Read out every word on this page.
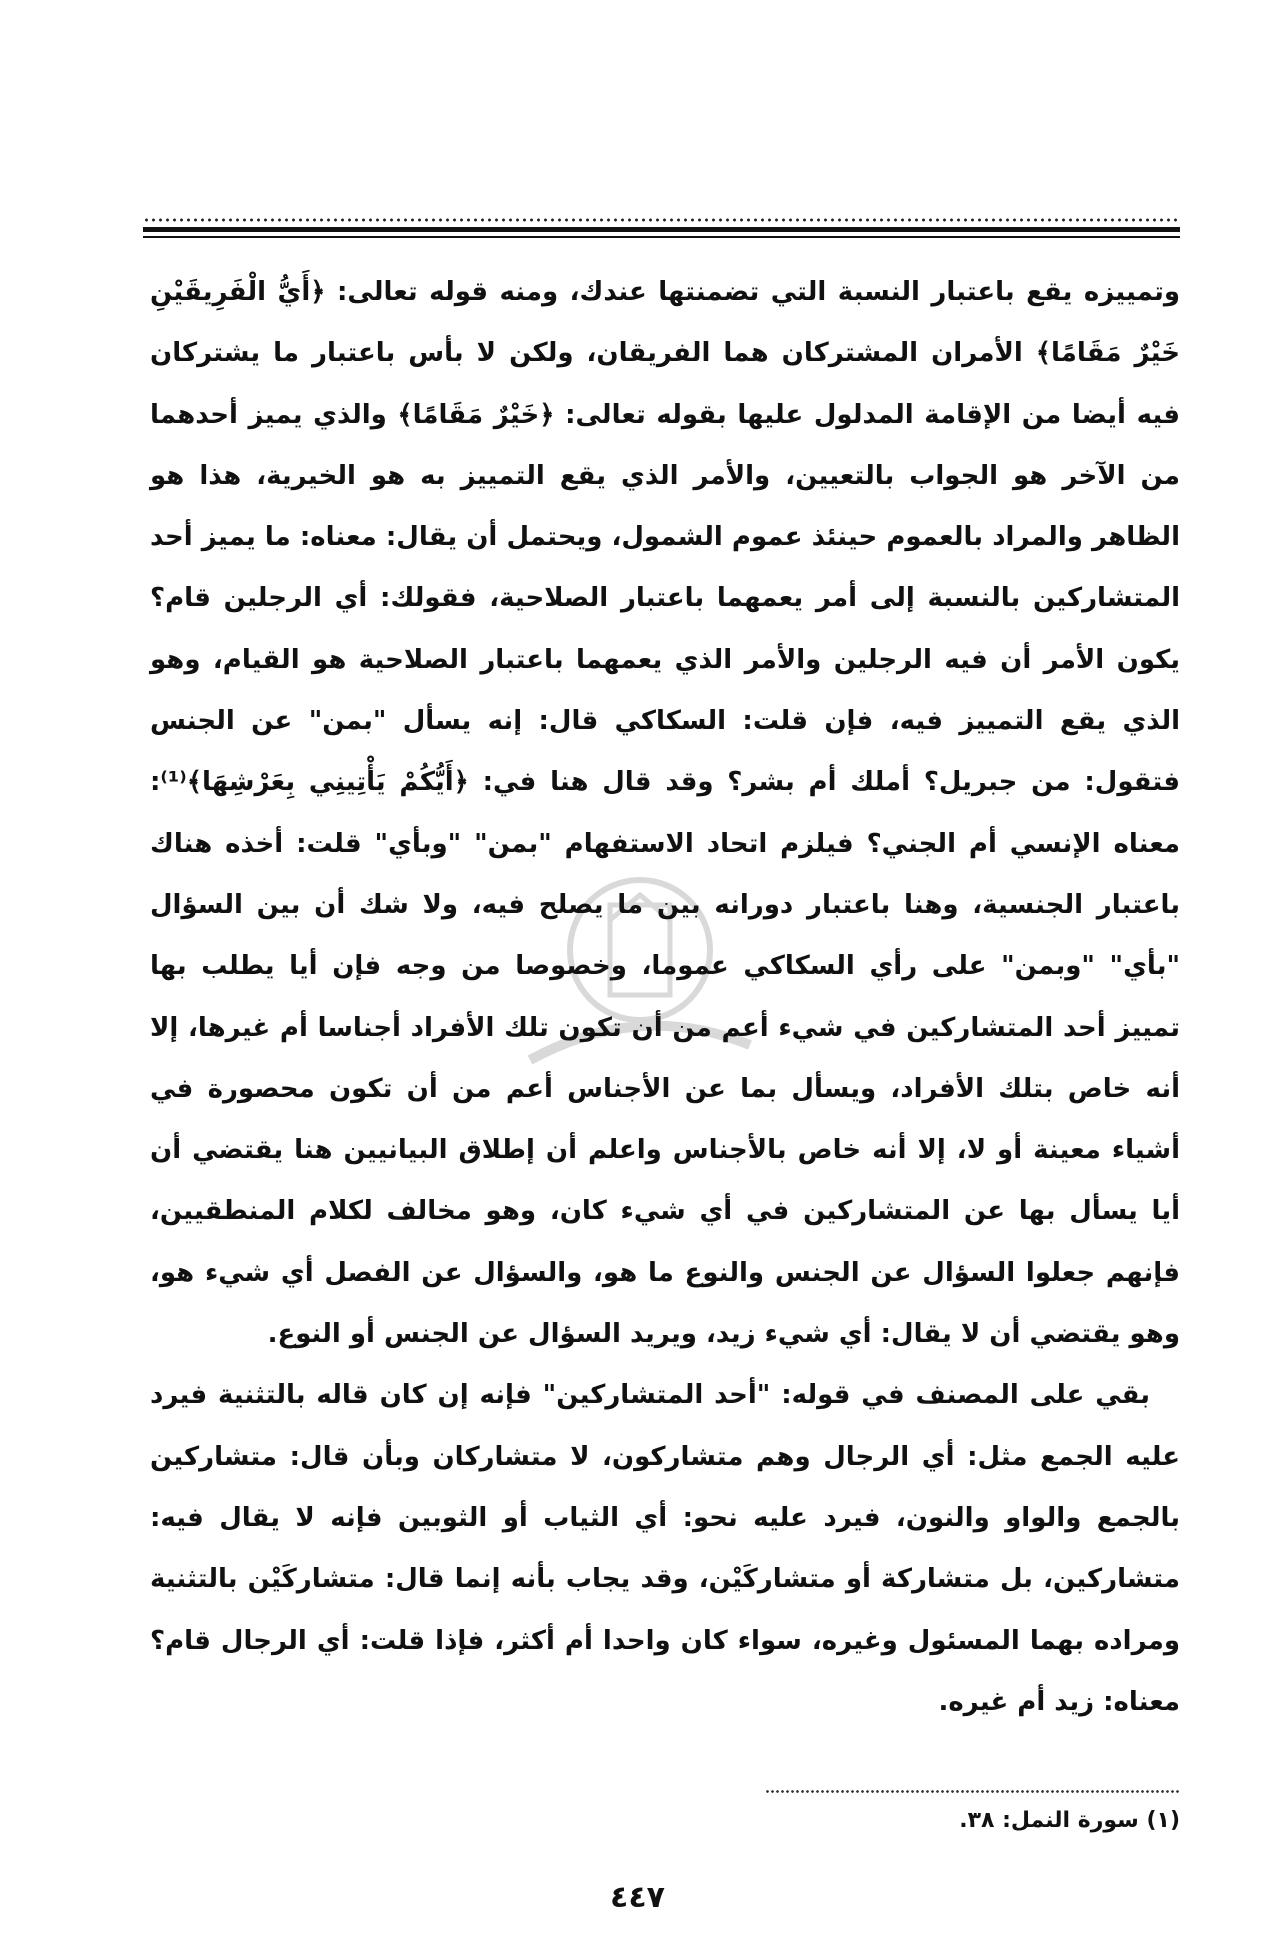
وتمييزه يقع باعتبار النسبة التي تضمنتها عندك، ومنه قوله تعالى: ﴿أَيُّ الْفَرِيقَيْنِ خَيْرٌ مَقَامًا﴾ الأمران المشتركان هما الفريقان، ولكن لا بأس باعتبار ما يشتركان فيه أيضا من الإقامة المدلول عليها بقوله تعالى: ﴿خَيْرٌ مَقَامًا﴾ والذي يميز أحدهما من الآخر هو الجواب بالتعيين، والأمر الذي يقع التمييز به هو الخيرية، هذا هو الظاهر والمراد بالعموم حينئذ عموم الشمول، ويحتمل أن يقال: معناه: ما يميز أحد المتشاركين بالنسبة إلى أمر يعمهما باعتبار الصلاحية، فقولك: أي الرجلين قام؟ يكون الأمر أن فيه الرجلين والأمر الذي يعمهما باعتبار الصلاحية هو القيام، وهو الذي يقع التمييز فيه، فإن قلت: السكاكي قال: إنه يسأل "بمن" عن الجنس فتقول: من جبريل؟ أملك أم بشر؟ وقد قال هنا في: ﴿أَيُّكُمْ يَأْتِينِي بِعَرْشِهَا﴾⁽¹⁾: معناه الإنسي أم الجني؟ فيلزم اتحاد الاستفهام "بمن" "وبأي" قلت: أخذه هناك باعتبار الجنسية، وهنا باعتبار دورانه بين ما يصلح فيه، ولا شك أن بين السؤال "بأي" "وبمن" على رأي السكاكي عموما، وخصوصا من وجه فإن أيا يطلب بها تمييز أحد المتشاركين في شيء أعم من أن تكون تلك الأفراد أجناسا أم غيرها، إلا أنه خاص بتلك الأفراد، ويسأل بما عن الأجناس أعم من أن تكون محصورة في أشياء معينة أو لا، إلا أنه خاص بالأجناس واعلم أن إطلاق البيانيين هنا يقتضي أن أيا يسأل بها عن المتشاركين في أي شيء كان، وهو مخالف لكلام المنطقيين، فإنهم جعلوا السؤال عن الجنس والنوع ما هو، والسؤال عن الفصل أي شيء هو، وهو يقتضي أن لا يقال: أي شيء زيد، ويريد السؤال عن الجنس أو النوع.

بقي على المصنف في قوله: "أحد المتشاركين" فإنه إن كان قاله بالتثنية فيرد عليه الجمع مثل: أي الرجال وهم متشاركون، لا متشاركان وبأن قال: متشاركين بالجمع والواو والنون، فيرد عليه نحو: أي الثياب أو الثوبين فإنه لا يقال فيه: متشاركين، بل متشاركة أو متشاركَيْن، وقد يجاب بأنه إنما قال: متشاركَيْن بالتثنية ومراده بهما المسئول وغيره، سواء كان واحدا أم أكثر، فإذا قلت: أي الرجال قام؟ معناه: زيد أم غيره.

(١) سورة النمل: ٣٨.
٤٤٧
